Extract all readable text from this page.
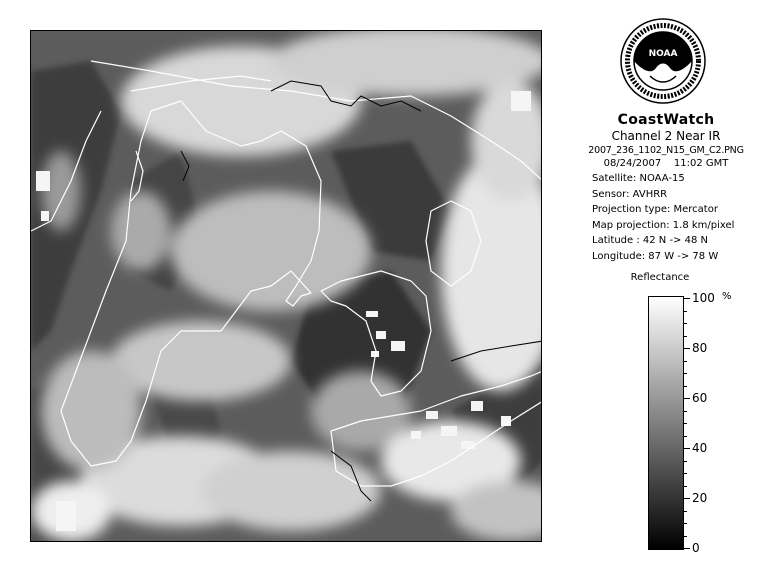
NOAA
CoastWatch
Channel 2 Near IR
2007_236_1102_N15_GM_C2.PNG
08/24/2007    11:02 GMT
Satellite: NOAA-15
Sensor: AVHRR
Projection type: Mercator
Map projection: 1.8 km/pixel
Latitude : 42 N -> 48 N
Longitude: 87 W -> 78 W
Reflectance
%
100
80
60
40
20
0
